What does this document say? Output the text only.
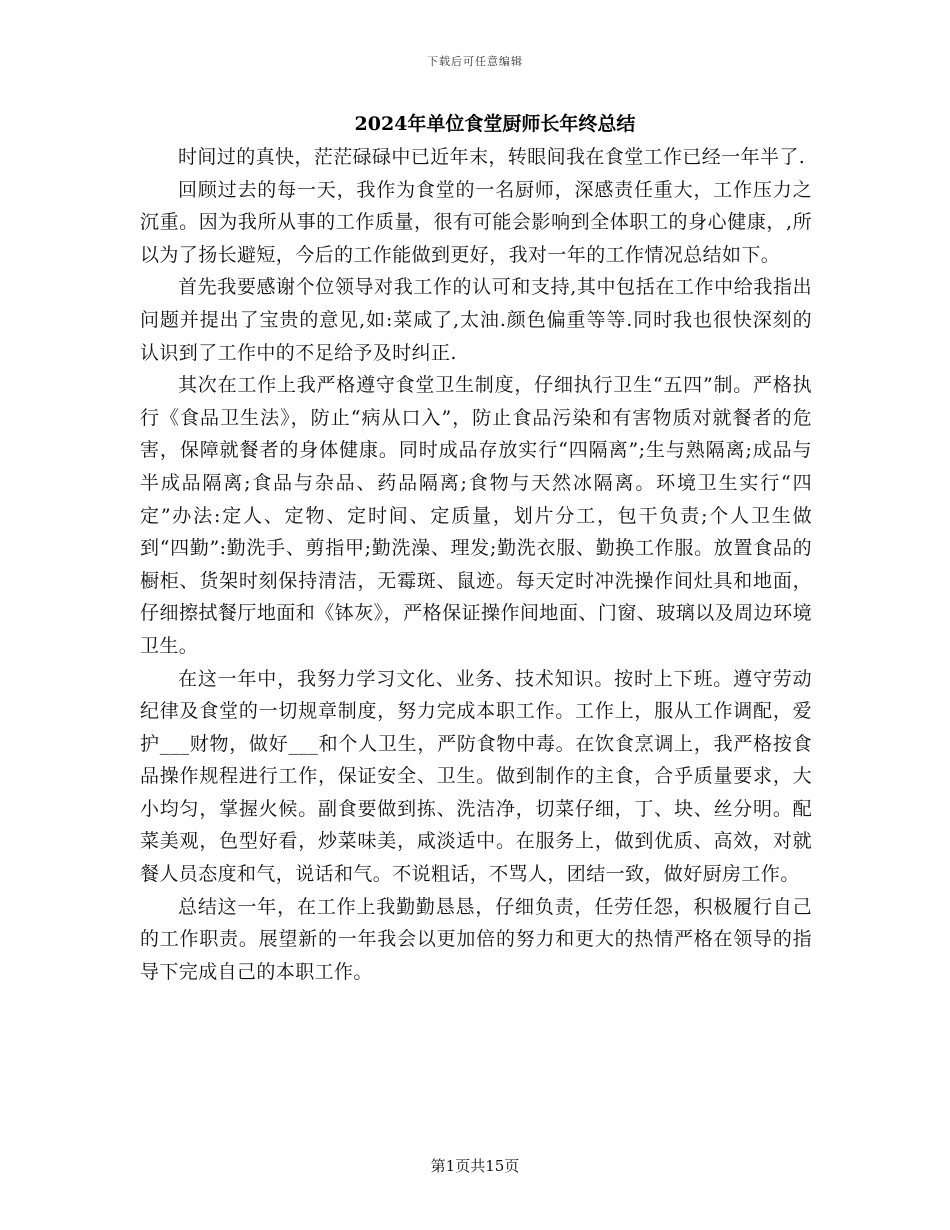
下载后可任意编辑
2024年单位食堂厨师长年终总结

时间过的真快，茫茫碌碌中已近年末，转眼间我在食堂工作已经一年半了.

回顾过去的每一天，我作为食堂的一名厨师，深感责任重大，工作压力之沉重。因为我所从事的工作质量，很有可能会影响到全体职工的身心健康，,所以为了扬长避短，今后的工作能做到更好，我对一年的工作情况总结如下。

首先我要感谢个位领导对我工作的认可和支持,其中包括在工作中给我指出问题并提出了宝贵的意见,如:菜咸了,太油.颜色偏重等等.同时我也很快深刻的认识到了工作中的不足给予及时纠正.

其次在工作上我严格遵守食堂卫生制度，仔细执行卫生“五四”制。严格执行《食品卫生法》，防止“病从口入”，防止食品污染和有害物质对就餐者的危害，保障就餐者的身体健康。同时成品存放实行“四隔离”;生与熟隔离;成品与半成品隔离;食品与杂品、药品隔离;食物与天然冰隔离。环境卫生实行“四定”办法:定人、定物、定时间、定质量，划片分工，包干负责;个人卫生做到“四勤”:勤洗手、剪指甲;勤洗澡、理发;勤洗衣服、勤换工作服。放置食品的橱柜、货架时刻保持清洁，无霉斑、鼠迹。每天定时冲洗操作间灶具和地面，仔细擦拭餐厅地面和《钵灰》，严格保证操作间地面、门窗、玻璃以及周边环境卫生。

在这一年中，我努力学习文化、业务、技术知识。按时上下班。遵守劳动纪律及食堂的一切规章制度，努力完成本职工作。工作上，服从工作调配，爱护___财物，做好___和个人卫生，严防食物中毒。在饮食烹调上，我严格按食品操作规程进行工作，保证安全、卫生。做到制作的主食，合乎质量要求，大小均匀，掌握火候。副食要做到拣、洗洁净，切菜仔细，丁、块、丝分明。配菜美观，色型好看，炒菜味美，咸淡适中。在服务上，做到优质、高效，对就餐人员态度和气，说话和气。不说粗话，不骂人，团结一致，做好厨房工作。

总结这一年，在工作上我勤勤恳恳，仔细负责，任劳任怨，积极履行自己的工作职责。展望新的一年我会以更加倍的努力和更大的热情严格在领导的指导下完成自己的本职工作。

第1页共15页
